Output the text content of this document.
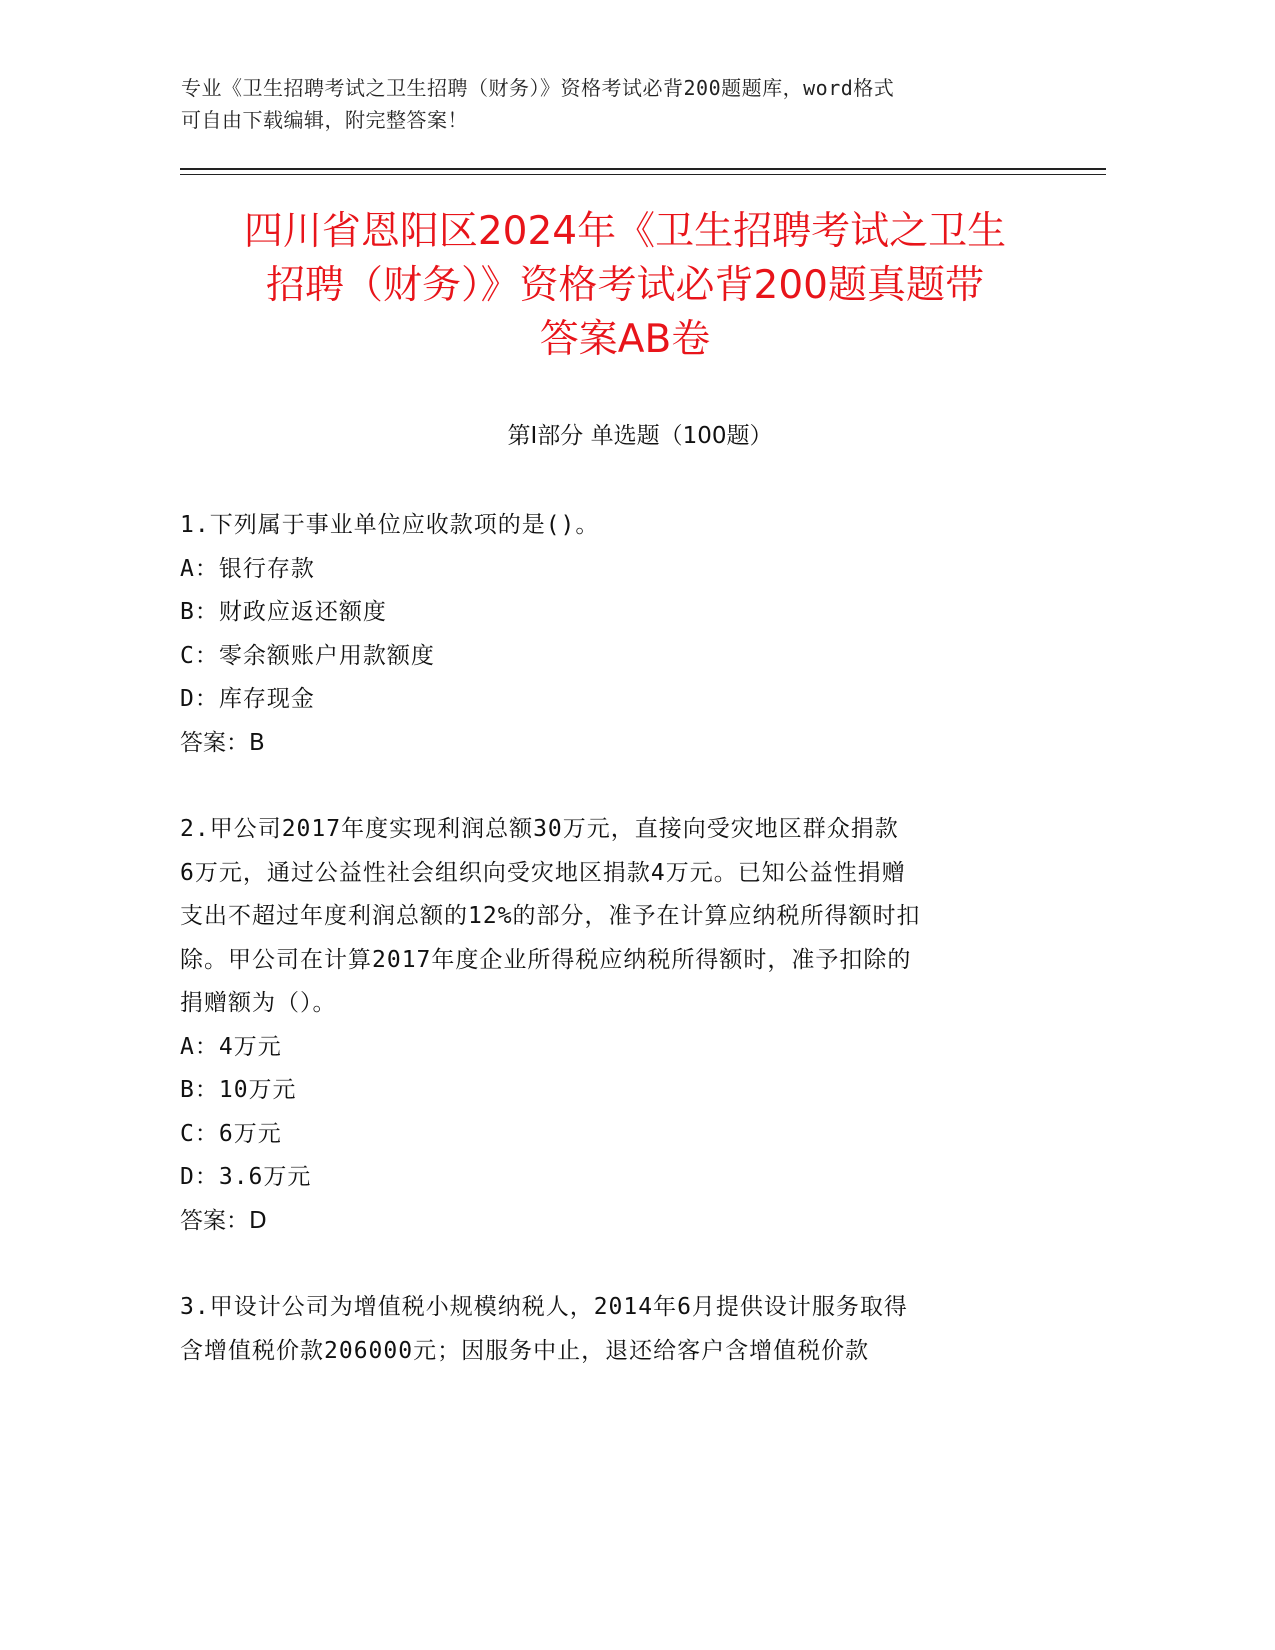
专业《卫生招聘考试之卫生招聘（财务）》资格考试必背200题题库，word格式
可自由下载编辑，附完整答案！
四川省恩阳区2024年《卫生招聘考试之卫生
招聘（财务）》资格考试必背200题真题带
答案AB卷
第Ⅰ部分 单选题（100题）
1.下列属于事业单位应收款项的是()。
A：银行存款
B：财政应返还额度
C：零余额账户用款额度
D：库存现金
答案：B
2.甲公司2017年度实现利润总额30万元，直接向受灾地区群众捐款
6万元，通过公益性社会组织向受灾地区捐款4万元。已知公益性捐赠
支出不超过年度利润总额的12%的部分，准予在计算应纳税所得额时扣
除。甲公司在计算2017年度企业所得税应纳税所得额时，准予扣除的
捐赠额为（）。
A：4万元
B：10万元
C：6万元
D：3.6万元
答案：D
3.甲设计公司为增值税小规模纳税人，2014年6月提供设计服务取得
含增值税价款206000元；因服务中止，退还给客户含增值税价款
